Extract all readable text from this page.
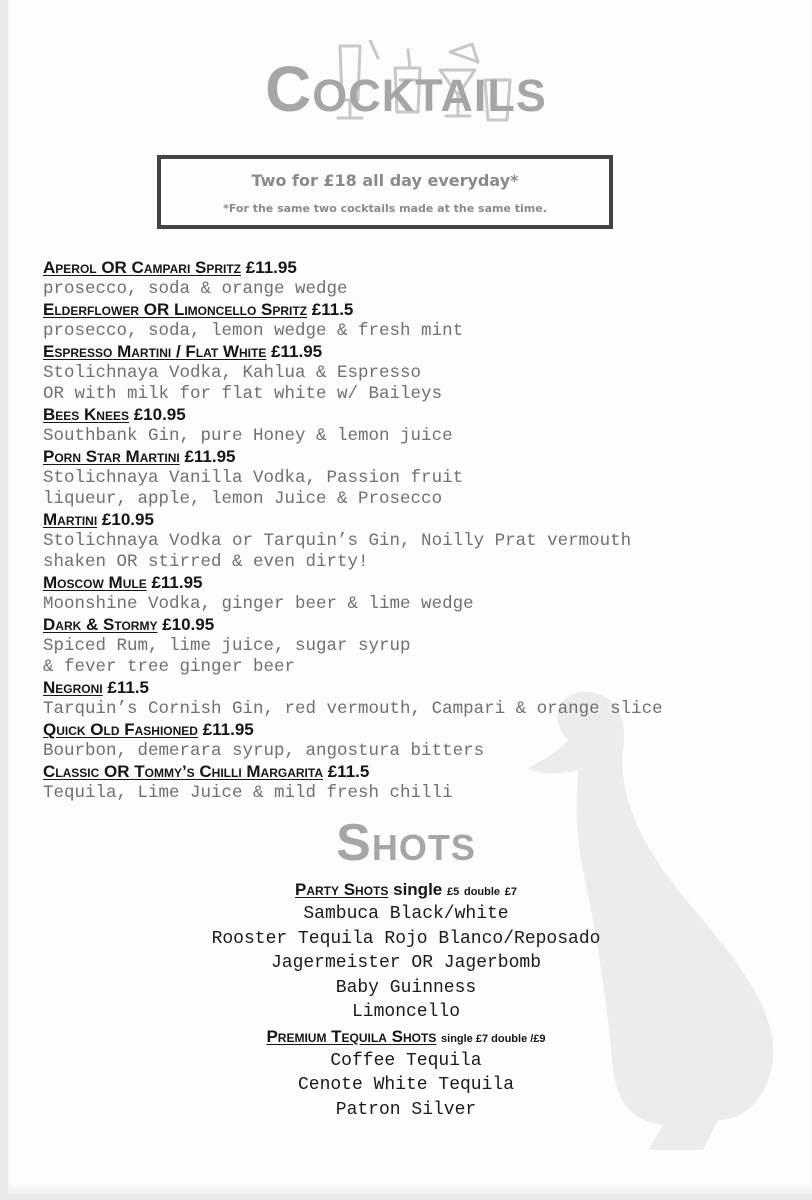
Cocktails
Two for £18 all day everyday*
*For the same two cocktails made at the same time.
Aperol OR Campari Spritz £11.95
prosecco, soda & orange wedge
Elderflower OR Limoncello Spritz £11.5
prosecco, soda, lemon wedge & fresh mint
Espresso Martini / Flat White £11.95
Stolichnaya Vodka, Kahlua & Espresso
OR with milk for flat white w/ Baileys
Bees Knees £10.95
Southbank Gin, pure Honey & lemon juice
Porn Star Martini £11.95
Stolichnaya Vanilla Vodka, Passion fruit
liqueur, apple, lemon Juice & Prosecco
Martini £10.95
Stolichnaya Vodka or Tarquin’s Gin, Noilly Prat vermouth
shaken OR stirred & even dirty!
Moscow Mule £11.95
Moonshine Vodka, ginger beer & lime wedge
Dark & Stormy £10.95
Spiced Rum, lime juice, sugar syrup
& fever tree ginger beer
Negroni £11.5
Tarquin’s Cornish Gin, red vermouth, Campari & orange slice
Quick Old Fashioned £11.95
Bourbon, demerara syrup, angostura bitters
Classic OR Tommy’s Chilli Margarita £11.5
Tequila, Lime Juice & mild fresh chilli
Shots
Party Shots single £5 double £7
Sambuca Black/white
Rooster Tequila Rojo Blanco/Reposado
Jagermeister OR Jagerbomb
Baby Guinness
Limoncello
Premium Tequila Shots single £7 double /£9
Coffee Tequila
Cenote White Tequila
Patron Silver
